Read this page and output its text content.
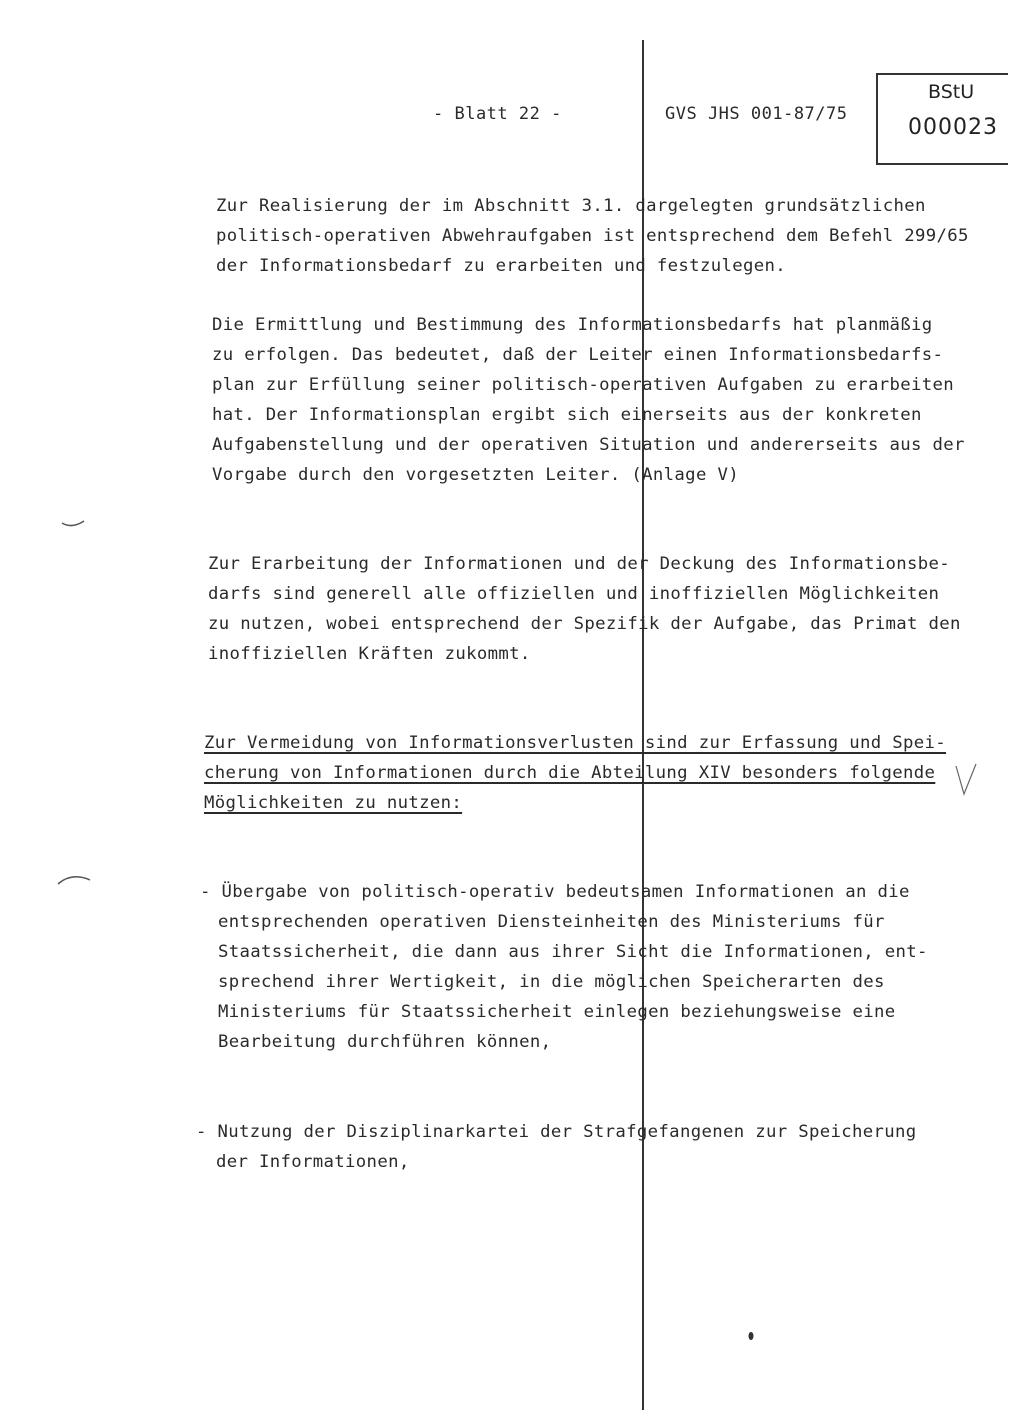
- Blatt 22 -	GVS JHS 001-87/75
BStU
000023
Zur Realisierung der im Abschnitt 3.1. dargelegten grundsätzlichen
politisch-operativen Abwehraufgaben ist entsprechend dem Befehl 299/65
der Informationsbedarf zu erarbeiten und festzulegen.
Die Ermittlung und Bestimmung des Informationsbedarfs hat planmäßig
zu erfolgen. Das bedeutet, daß der Leiter einen Informationsbedarfs-
plan zur Erfüllung seiner politisch-operativen Aufgaben zu erarbeiten
hat. Der Informationsplan ergibt sich einerseits aus der konkreten
Aufgabenstellung und der operativen Situation und andererseits aus der
Vorgabe durch den vorgesetzten Leiter. (Anlage V)
Zur Erarbeitung der Informationen und der Deckung des Informationsbe-
darfs sind generell alle offiziellen und inoffiziellen Möglichkeiten
zu nutzen, wobei entsprechend der Spezifik der Aufgabe, das Primat den
inoffiziellen Kräften zukommt.
Zur Vermeidung von Informationsverlusten sind zur Erfassung und Spei-
cherung von Informationen durch die Abteilung XIV besonders folgende
Möglichkeiten zu nutzen:
- Übergabe von politisch-operativ bedeutsamen Informationen an die
entsprechenden operativen Diensteinheiten des Ministeriums für
Staatssicherheit, die dann aus ihrer Sicht die Informationen, ent-
sprechend ihrer Wertigkeit, in die möglichen Speicherarten des
Ministeriums für Staatssicherheit einlegen beziehungsweise eine
Bearbeitung durchführen können,
- Nutzung der Disziplinarkartei der Strafgefangenen zur Speicherung
der Informationen,
